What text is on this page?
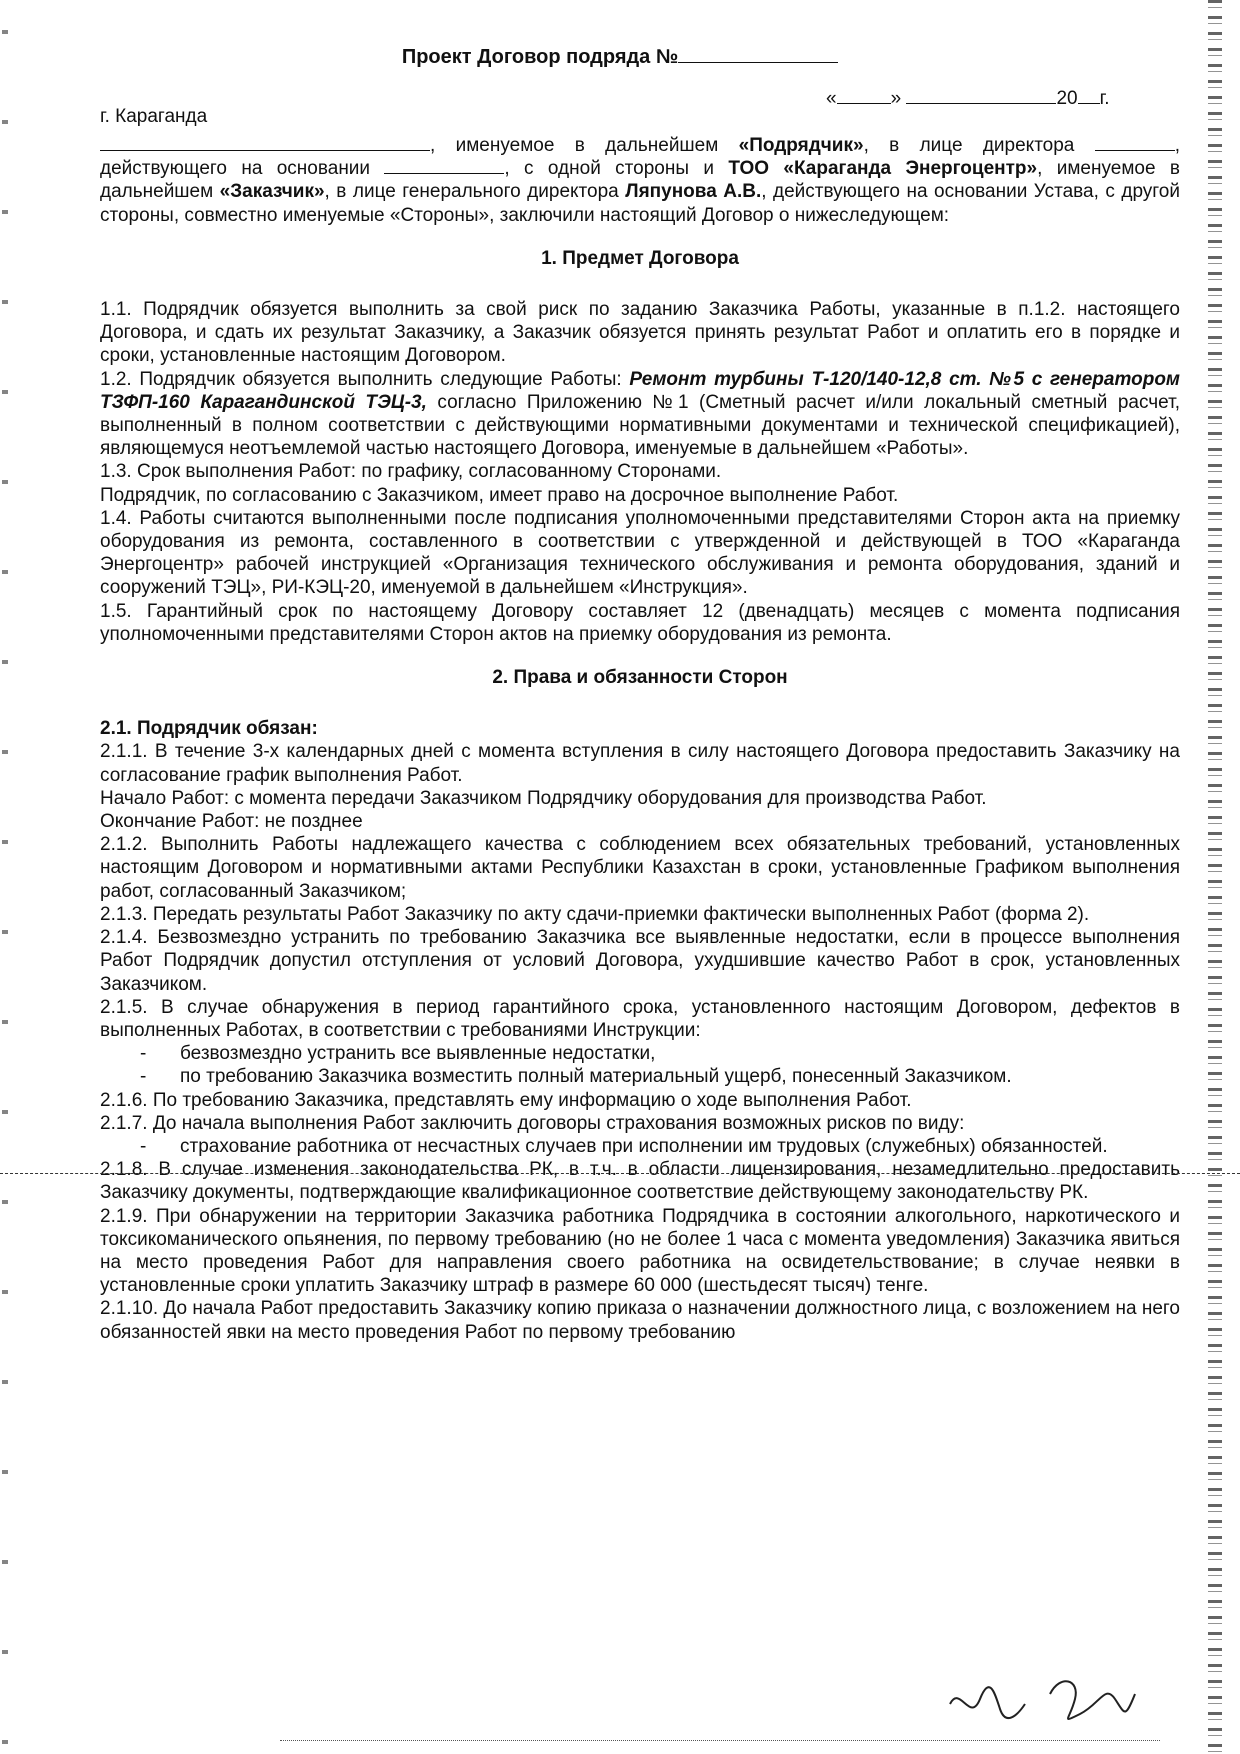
Проект Договор подряда №
г. Караганда
«	»	20 г.

, именуемое в дальнейшем «Подрядчик», в лице директора	, действующего на основании	, с одной стороны и ТОО «Караганда Энергоцентр», именуемое в дальнейшем «Заказчик», в лице генерального директора Ляпунова А.В., действующего на основании Устава, с другой стороны, совместно именуемые «Стороны», заключили настоящий Договор о нижеследующем:

1. Предмет Договора

1.1. Подрядчик обязуется выполнить за свой риск по заданию Заказчика Работы, указанные в п.1.2. настоящего Договора, и сдать их результат Заказчику, а Заказчик обязуется принять результат Работ и оплатить его в порядке и сроки, установленные настоящим Договором.

1.2. Подрядчик обязуется выполнить следующие Работы: Ремонт турбины Т-120/140-12,8 ст. №5 с генератором ТЗФП-160 Карагандинской ТЭЦ-3, согласно Приложению №1 (Сметный расчет и/или локальный сметный расчет, выполненный в полном соответствии с действующими нормативными документами и технической спецификацией), являющемуся неотъемлемой частью настоящего Договора, именуемые в дальнейшем «Работы».

1.3. Срок выполнения Работ: по графику, согласованному Сторонами.

Подрядчик, по согласованию с Заказчиком, имеет право на досрочное выполнение Работ.

1.4. Работы считаются выполненными после подписания уполномоченными представителями Сторон акта на приемку оборудования из ремонта, составленного в соответствии с утвержденной и действующей в ТОО «Караганда Энергоцентр» рабочей инструкцией «Организация технического обслуживания и ремонта оборудования, зданий и сооружений ТЭЦ», РИ-КЭЦ-20, именуемой в дальнейшем «Инструкция».

1.5. Гарантийный срок по настоящему Договору составляет 12 (двенадцать) месяцев с момента подписания уполномоченными представителями Сторон актов на приемку оборудования из ремонта.

2. Права и обязанности Сторон

2.1. Подрядчик обязан:

2.1.1. В течение 3-х календарных дней с момента вступления в силу настоящего Договора предоставить Заказчику на согласование график выполнения Работ.

Начало Работ: с момента передачи Заказчиком Подрядчику оборудования для производства Работ.

Окончание Работ: не позднее

2.1.2. Выполнить Работы надлежащего качества с соблюдением всех обязательных требований, установленных настоящим Договором и нормативными актами Республики Казахстан в сроки, установленные Графиком выполнения работ, согласованный Заказчиком;

2.1.3. Передать результаты Работ Заказчику по акту сдачи-приемки фактически выполненных Работ (форма 2).

2.1.4. Безвозмездно устранить по требованию Заказчика все выявленные недостатки, если в процессе выполнения Работ Подрядчик допустил отступления от условий Договора, ухудшившие качество Работ в срок, установленных Заказчиком.

2.1.5. В случае обнаружения в период гарантийного срока, установленного настоящим Договором, дефектов в выполненных Работах, в соответствии с требованиями Инструкции:

- безвозмездно устранить все выявленные недостатки,

- по требованию Заказчика возместить полный материальный ущерб, понесенный Заказчиком.

2.1.6. По требованию Заказчика, представлять ему информацию о ходе выполнения Работ.

2.1.7. До начала выполнения Работ заключить договоры страхования возможных рисков по виду:

- страхование работника от несчастных случаев при исполнении им трудовых (служебных) обязанностей.

2.1.8. В случае изменения законодательства РК, в т.ч. в области лицензирования, незамедлительно предоставить Заказчику документы, подтверждающие квалификационное соответствие действующему законодательству РК.

2.1.9. При обнаружении на территории Заказчика работника Подрядчика в состоянии алкогольного, наркотического и токсикоманического опьянения, по первому требованию (но не более 1 часа с момента уведомления) Заказчика явиться на место проведения Работ для направления своего работника на освидетельствование; в случае неявки в установленные сроки уплатить Заказчику штраф в размере 60 000 (шестьдесят тысяч) тенге.

2.1.10. До начала Работ предоставить Заказчику копию приказа о назначении должностного лица, с возложением на него обязанностей явки на место проведения Работ по первому требованию
